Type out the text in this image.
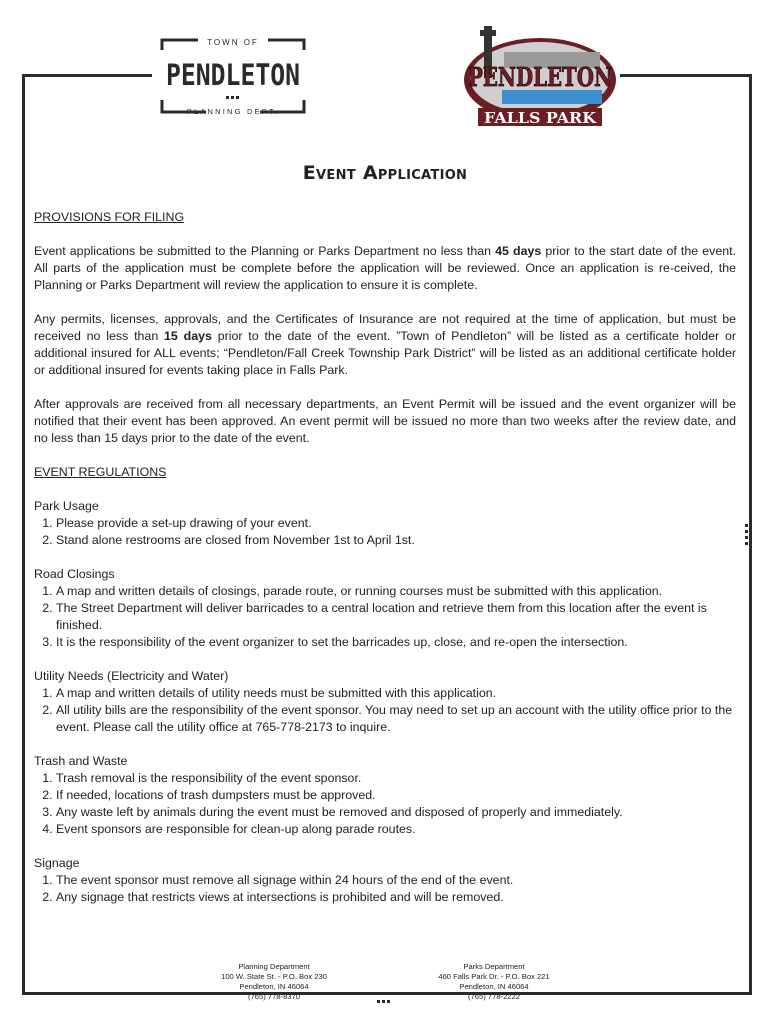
TOWN OF
PENDLETON
PLANNING DEPT.
PENDLETON
FALLS PARK
Event Application
PROVISIONS FOR FILING

Event applications be submitted to the Planning or Parks Department no less than 45 days prior to the start date of the event. All parts of the application must be complete before the application will be reviewed. Once an application is re-ceived, the Planning or Parks Department will review the application to ensure it is complete.

Any permits, licenses, approvals, and the Certificates of Insurance are not required at the time of application, but must be received no less than 15 days prior to the date of the event. ”Town of Pendleton” will be listed as a certificate holder or additional insured for ALL events; “Pendleton/Fall Creek Township Park District” will be listed as an additional certificate holder or additional insured for events taking place in Falls Park.

After approvals are received from all necessary departments, an Event Permit will be issued and the event organizer will be notified that their event has been approved. An event permit will be issued no more than two weeks after the review date, and no less than 15 days prior to the date of the event.

EVENT REGULATIONS
Park Usage
1. Please provide a set-up drawing of your event.
2. Stand alone restrooms are closed from November 1st to April 1st.
Road Closings
1. A map and written details of closings, parade route, or running courses must be submitted with this application.
2. The Street Department will deliver barricades to a central location and retrieve them from this location after the event is finished.
3. It is the responsibility of the event organizer to set the barricades up, close, and re-open the intersection.
Utility Needs (Electricity and Water)
1. A map and written details of utility needs must be submitted with this application.
2. All utility bills are the responsibility of the event sponsor. You may need to set up an account with the utility office prior to the event. Please call the utility office at 765-778-2173 to inquire.
Trash and Waste
1. Trash removal is the responsibility of the event sponsor.
2. If needed, locations of trash dumpsters must be approved.
3. Any waste left by animals during the event must be removed and disposed of properly and immediately.
4. Event sponsors are responsible for clean-up along parade routes.
Signage
1. The event sponsor must remove all signage within 24 hours of the end of the event.
2. Any signage that restricts views at intersections is prohibited and will be removed.
Planning Department
100 W. State St. - P.O. Box 230
Pendleton, IN 46064
(765) 778-8370
Parks Department
460 Falls Park Dr. - P.O. Box 221
Pendleton, IN 46064
(765) 778-2222
